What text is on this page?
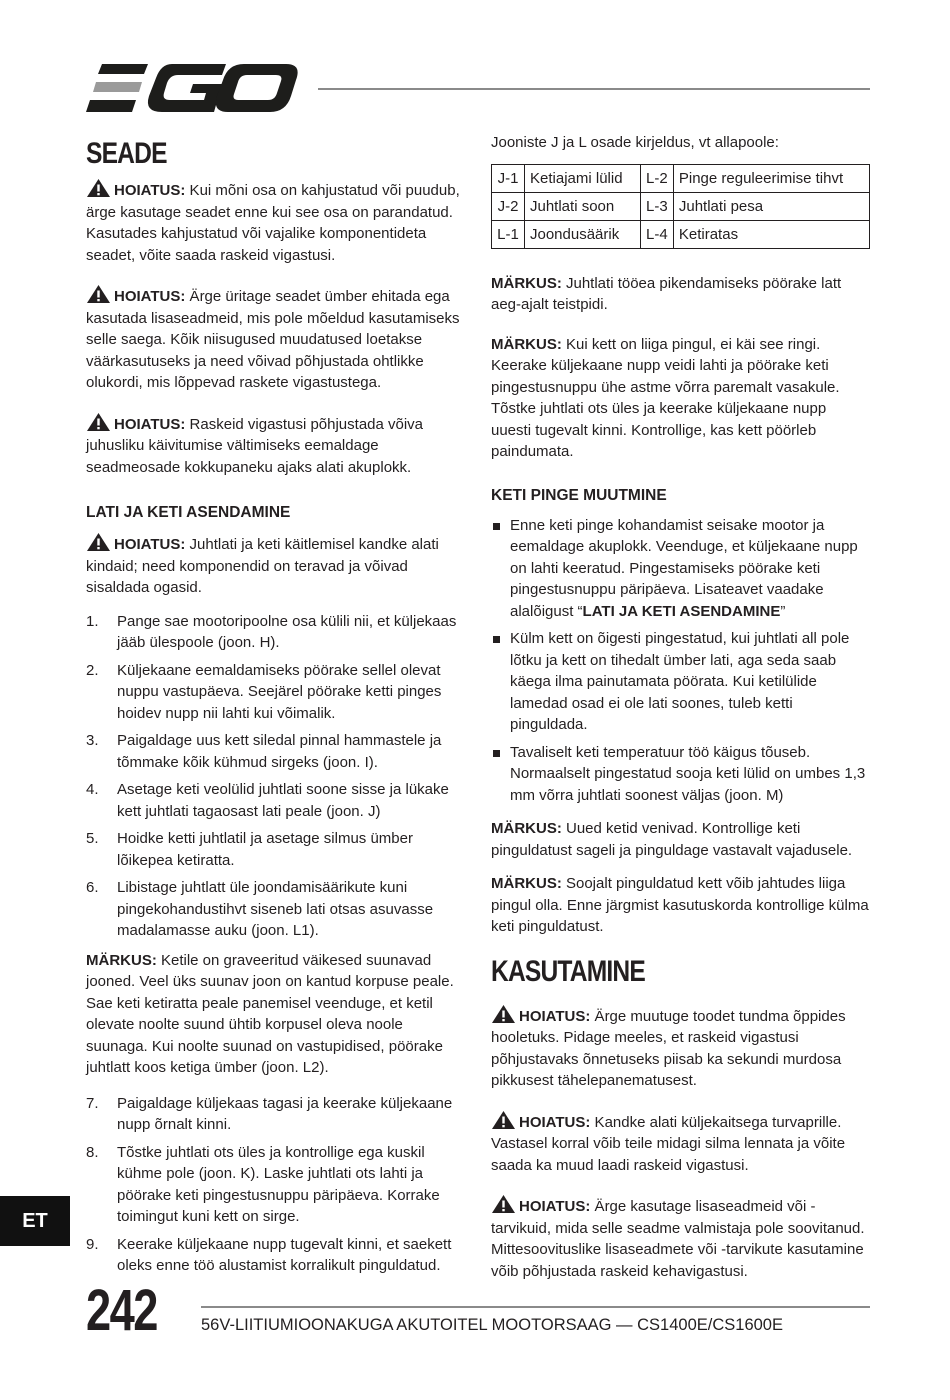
SEADE

HOIATUS: Kui mõni osa on kahjustatud või puudub, ärge kasutage seadet enne kui see osa on parandatud. Kasutades kahjustatud või vajalike komponentideta seadet, võite saada raskeid vigastusi.

HOIATUS: Ärge üritage seadet ümber ehitada ega kasutada lisaseadmeid, mis pole mõeldud kasutamiseks selle saega. Kõik niisugused muudatused loetakse väärkasutuseks ja need võivad põhjustada ohtlikke olukordi, mis lõppevad raskete vigastustega.

HOIATUS: Raskeid vigastusi põhjustada võiva juhusliku käivitumise vältimiseks eemaldage seadmeosade kokkupaneku ajaks alati akuplokk.

LATI JA KETI ASENDAMINE

HOIATUS: Juhtlati ja keti käitlemisel kandke alati kindaid; need komponendid on teravad ja võivad sisaldada ogasid.

1. Pange sae mootoripoolne osa külili nii, et küljekaas jääb ülespoole (joon. H).
2. Küljekaane eemaldamiseks pöörake sellel olevat nuppu vastupäeva. Seejärel pöörake ketti pinges hoidev nupp nii lahti kui võimalik.
3. Paigaldage uus kett siledal pinnal hammastele ja tõmmake kõik kühmud sirgeks (joon. I).
4. Asetage keti veolülid juhtlati soone sisse ja lükake kett juhtlati tagaosast lati peale (joon. J)
5. Hoidke ketti juhtlatil ja asetage silmus ümber lõikepea ketiratta.
6. Libistage juhtlatt üle joondamisäärikute kuni pingekohandustihvt siseneb lati otsas asuvasse madalamasse auku (joon. L1).

MÄRKUS: Ketile on graveeritud väikesed suunavad jooned. Veel üks suunav joon on kantud korpuse peale. Sae keti ketiratta peale panemisel veenduge, et ketil olevate noolte suund ühtib korpusel oleva noole suunaga. Kui noolte suunad on vastupidised, pöörake juhtlatt koos ketiga ümber (joon. L2).

7. Paigaldage küljekaas tagasi ja keerake küljekaane nupp õrnalt kinni.
8. Tõstke juhtlati ots üles ja kontrollige ega kuskil kühme pole (joon. K). Laske juhtlati ots lahti ja pöörake keti pingestusnuppu päripäeva. Korrake toimingut kuni kett on sirge.
9. Keerake küljekaane nupp tugevalt kinni, et saekett oleks enne töö alustamist korralikult pinguldatud.

Jooniste J ja L osade kirjeldus, vt allapoole:

J-1	Ketiajami lülid	L-2	Pinge reguleerimise tihvt
J-2	Juhtlati soon	L-3	Juhtlati pesa
L-1	Joondusäärik	L-4	Ketiratas

MÄRKUS: Juhtlati tööea pikendamiseks pöörake latt aeg-ajalt teistpidi.

MÄRKUS: Kui kett on liiga pingul, ei käi see ringi. Keerake küljekaane nupp veidi lahti ja pöörake keti pingestusnuppu ühe astme võrra paremalt vasakule. Tõstke juhtlati ots üles ja keerake küljekaane nupp uuesti tugevalt kinni. Kontrollige, kas kett pöörleb paindumata.

KETI PINGE MUUTMINE
Enne keti pinge kohandamist seisake mootor ja eemaldage akuplokk. Veenduge, et küljekaane nupp on lahti keeratud. Pingestamiseks pöörake keti pingestusnuppu päripäeva. Lisateavet vaadake alalõigust “LATI JA KETI ASENDAMINE”
Külm kett on õigesti pingestatud, kui juhtlati all pole lõtku ja kett on tihedalt ümber lati, aga seda saab käega ilma painutamata pöörata. Kui ketilülide lamedad osad ei ole lati soones, tuleb ketti pinguldada.
Tavaliselt keti temperatuur töö käigus tõuseb. Normaalselt pingestatud sooja keti lülid on umbes 1,3 mm võrra juhtlati soonest väljas (joon. M)

MÄRKUS: Uued ketid venivad. Kontrollige keti pinguldatust sageli ja pinguldage vastavalt vajadusele.

MÄRKUS: Soojalt pinguldatud kett võib jahtudes liiga pingul olla. Enne järgmist kasutuskorda kontrollige külma keti pinguldatust.

KASUTAMINE

HOIATUS: Ärge muutuge toodet tundma õppides hooletuks. Pidage meeles, et raskeid vigastusi põhjustavaks õnnetuseks piisab ka sekundi murdosa pikkusest tähelepanematusest.

HOIATUS: Kandke alati küljekaitsega turvaprille. Vastasel korral võib teile midagi silma lennata ja võite saada ka muud laadi raskeid vigastusi.

HOIATUS: Ärge kasutage lisaseadmeid või -tarvikuid, mida selle seadme valmistaja pole soovitanud. Mittesoovituslike lisaseadmete või -tarvikute kasutamine võib põhjustada raskeid kehavigastusi.

ET
242	56V-LIITIUMIOONAKUGA AKUTOITEL MOOTORSAAG — CS1400E/CS1600E
